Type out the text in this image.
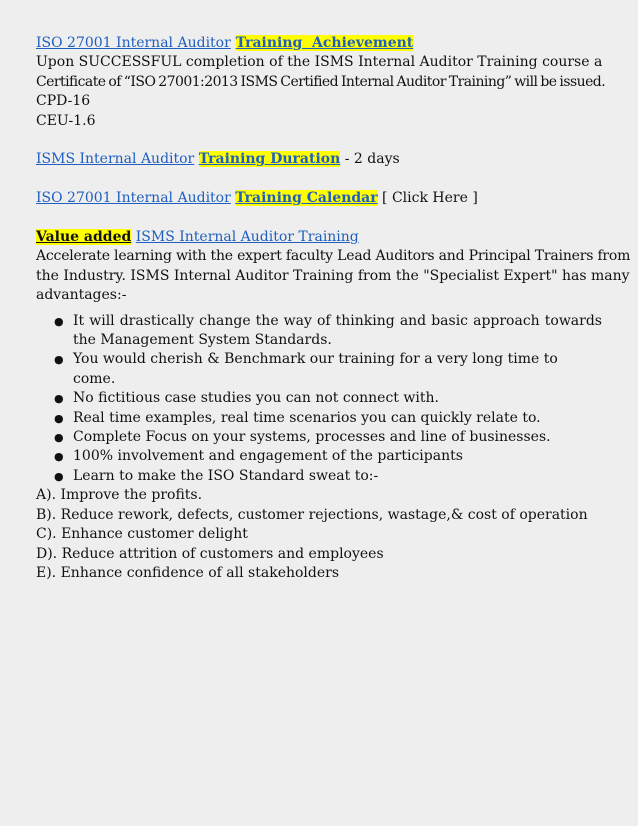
ISO 27001 Internal Auditor Training  Achievement
Upon SUCCESSFUL completion of the ISMS Internal Auditor Training course a
Certificate of “ISO 27001:2013 ISMS Certified Internal Auditor Training” will be issued.
CPD-16
CEU-1.6
ISMS Internal Auditor Training Duration - 2 days
ISO 27001 Internal Auditor Training Calendar [ Click Here ]
Value added ISMS Internal Auditor Training
Accelerate learning with the expert faculty Lead Auditors and Principal Trainers from
the Industry. ISMS Internal Auditor Training from the "Specialist Expert" has many
advantages:-
● It will drastically change the way of thinking and basic approach towards the Management System Standards.
● You would cherish & Benchmark our training for a very long time to come.
● No fictitious case studies you can not connect with.
● Real time examples, real time scenarios you can quickly relate to.
● Complete Focus on your systems, processes and line of businesses.
● 100% involvement and engagement of the participants
● Learn to make the ISO Standard sweat to:-
A). Improve the profits.
B). Reduce rework, defects, customer rejections, wastage,& cost of operation
C). Enhance customer delight
D). Reduce attrition of customers and employees
E). Enhance confidence of all stakeholders
